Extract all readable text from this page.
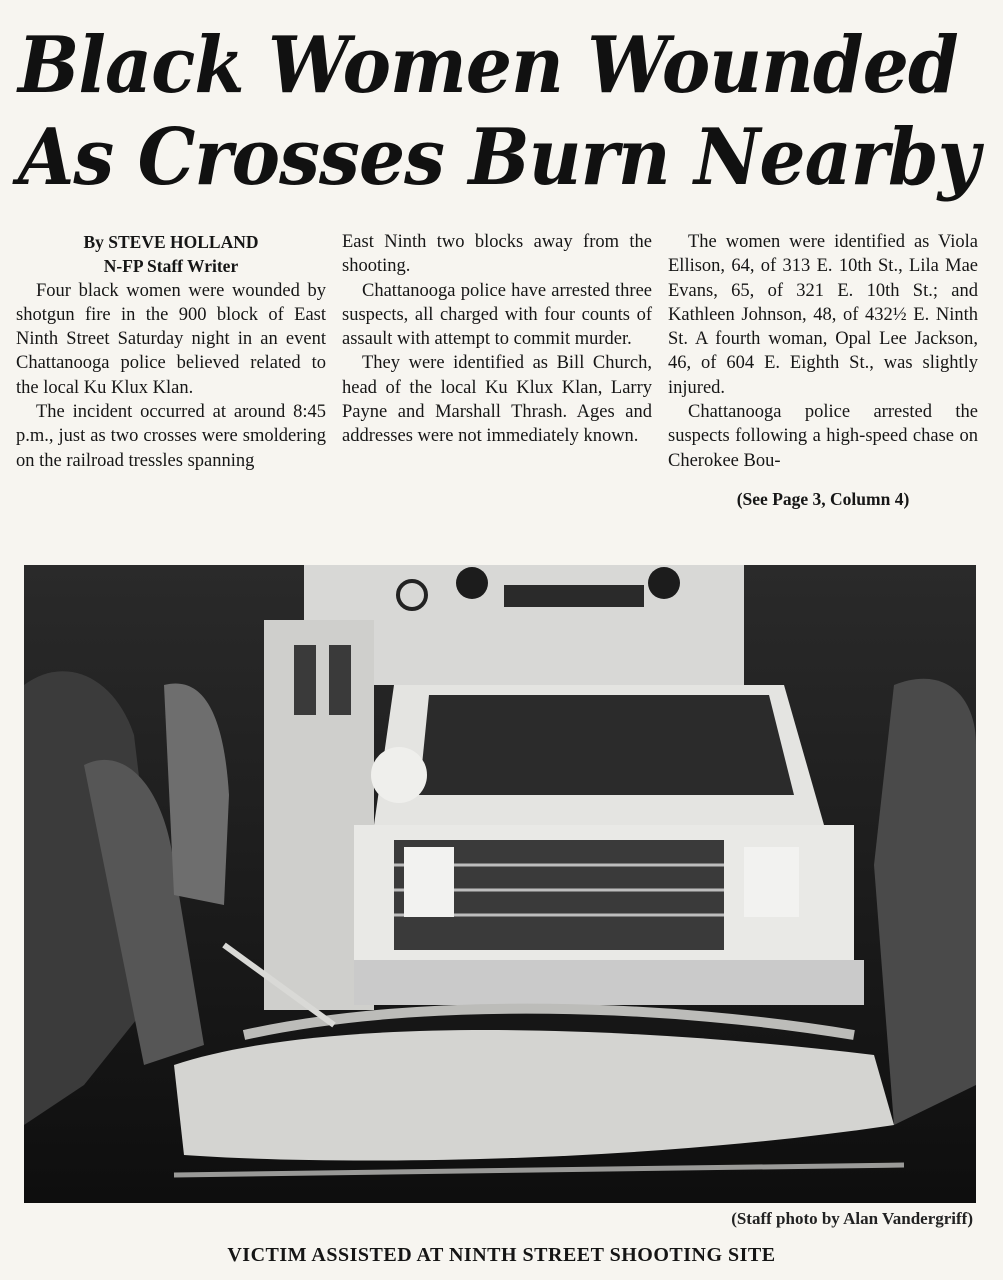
Black Women Wounded
As Crosses Burn Nearby

By STEVE HOLLAND

N-FP Staff Writer

Four black women were wounded by shotgun fire in the 900 block of East Ninth Street Saturday night in an event Chattanooga police believed related to the local Ku Klux Klan.

The incident occurred at around 8:45 p.m., just as two crosses were smoldering on the railroad tressles spanning

East Ninth two blocks away from the shooting.

Chattanooga police have arrested three suspects, all charged with four counts of assault with attempt to commit murder.

They were identified as Bill Church, head of the local Ku Klux Klan, Larry Payne and Marshall Thrash. Ages and addresses were not immediately known.

The women were identified as Viola Ellison, 64, of 313 E. 10th St., Lila Mae Evans, 65, of 321 E. 10th St.; and Kathleen Johnson, 48, of 432½ E. Ninth St. A fourth woman, Opal Lee Jackson, 46, of 604 E. Eighth St., was slightly injured.

Chattanooga police arrested the suspects following a high-speed chase on Cherokee Bou-

(See Page 3, Column 4)

(Staff photo by Alan Vandergriff)
VICTIM ASSISTED AT NINTH STREET SHOOTING SITE
